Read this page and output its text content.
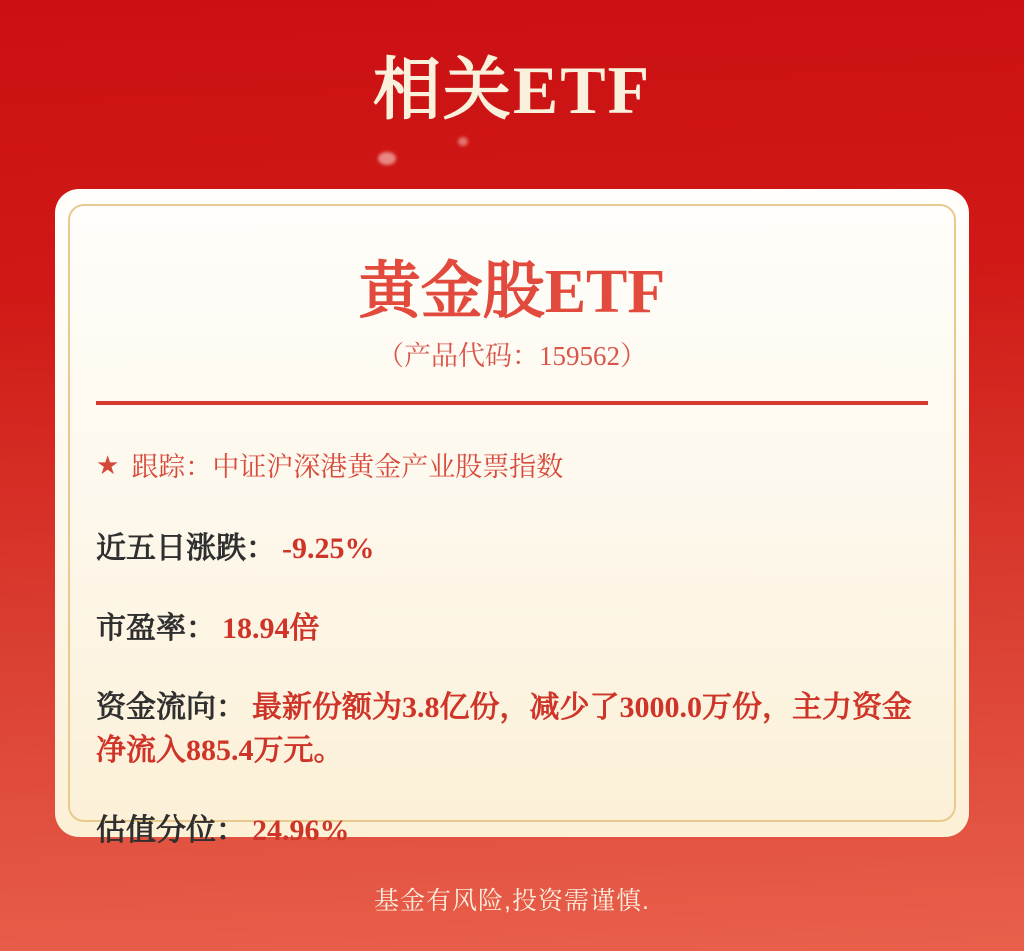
相关ETF
黄金股ETF
（产品代码：159562）
★ 跟踪： 中证沪深港黄金产业股票指数

近五日涨跌： -9.25%

市盈率： 18.94倍

资金流向： 最新份额为3.8亿份，减少了3000.0万份，主力资金净流入885.4万元。

估值分位： 24.96%

基金有风险,投资需谨慎.
